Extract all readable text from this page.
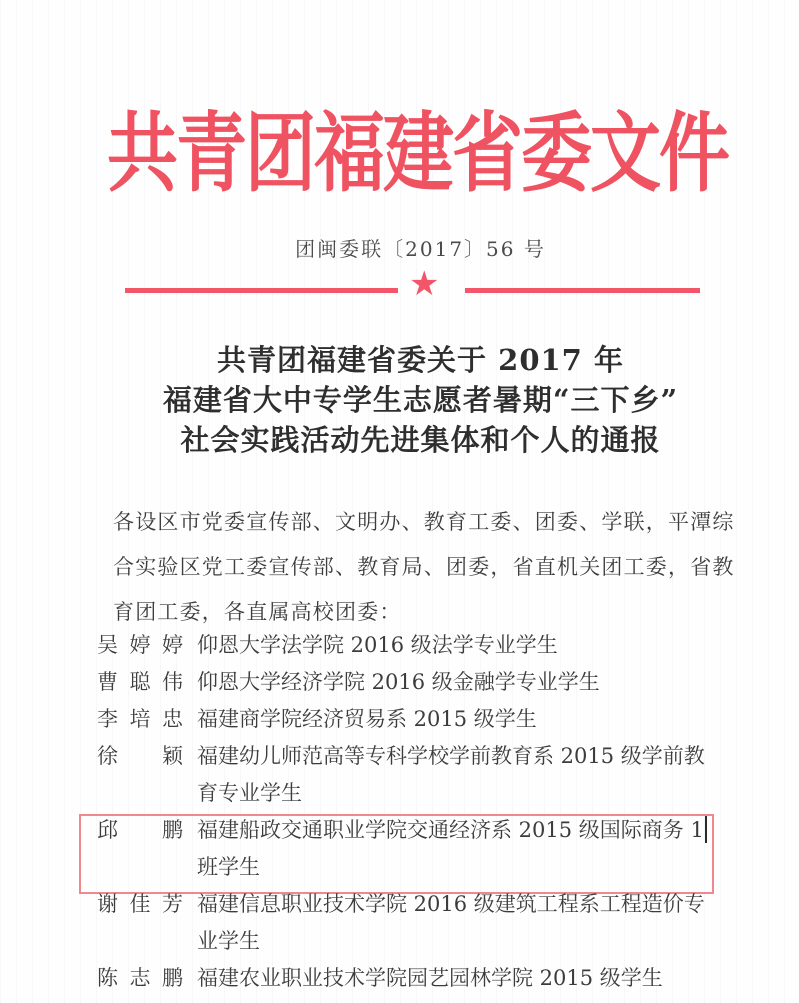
共青团福建省委文件
团闽委联〔2017〕56 号
★
共青团福建省委关于 2017 年
福建省大中专学生志愿者暑期“三下乡”
社会实践活动先进集体和个人的通报
各设区市党委宣传部、文明办、教育工委、团委、学联，平潭综
合实验区党工委宣传部、教育局、团委，省直机关团工委，省教
育团工委，各直属高校团委：
吴婷婷 仰恩大学法学院 2016 级法学专业学生
曹聪伟 仰恩大学经济学院 2016 级金融学专业学生
李培忠 福建商学院经济贸易系 2015 级学生
徐颖 福建幼儿师范高等专科学校学前教育系 2015 级学前教
育专业学生
邱鹏 福建船政交通职业学院交通经济系 2015 级国际商务 1
班学生
谢佳芳 福建信息职业技术学院 2016 级建筑工程系工程造价专
业学生
陈志鹏 福建农业职业技术学院园艺园林学院 2015 级学生
